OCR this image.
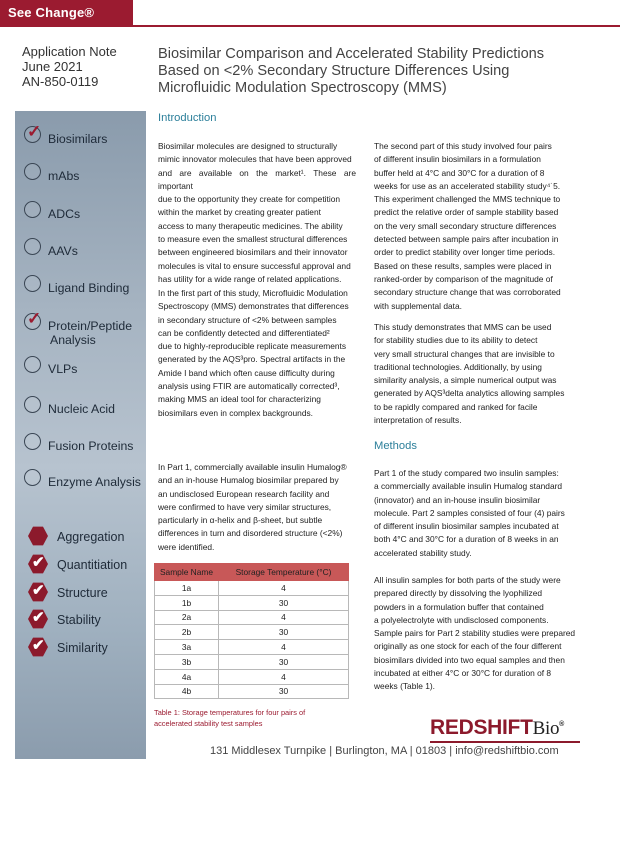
See Change®
Application Note
June 2021
AN-850-0119
Biosimilar Comparison and Accelerated Stability Predictions
Based on <2% Secondary Structure Differences Using
Microfluidic Modulation Spectroscopy (MMS)
✓ Biosimilars
mAbs
ADCs
AAVs
Ligand Binding
✓ Protein/Peptide
Analysis
VLPs
Nucleic Acid
Fusion Proteins
Enzyme Analysis
Aggregation
✔ Quantitiation
✔ Structure
✔ Stability
✔ Similarity
www.redshiftbio.com
Introduction
Biosimilar molecules are designed to structurally
mimic innovator molecules that have been approved
and are available on the market¹. These are important
due to the opportunity they create for competition
within the market by creating greater patient
access to many therapeutic medicines. The ability
to measure even the smallest structural differences
between engineered biosimilars and their innovator
molecules is vital to ensure successful approval and
has utility for a wide range of related applications.
In the first part of this study, Microfluidic Modulation
Spectroscopy (MMS) demonstrates that differences
in secondary structure of <2% between samples
can be confidently detected and differentiated²
due to highly-reproducible replicate measurements
generated by the AQS³pro. Spectral artifacts in the
Amide I band which often cause difficulty during
analysis using FTIR are automatically corrected³,
making MMS an ideal tool for characterizing
biosimilars even in complex backgrounds.
In Part 1, commercially available insulin Humalog®
and an in-house Humalog biosimilar prepared by
an undisclosed European research facility and
were confirmed to have very similar structures,
particularly in α-helix and β-sheet, but subtle
differences in turn and disordered structure (<2%)
were identified.
The second part of this study involved four pairs
of different insulin biosimilars in a formulation
buffer held at 4°C and 30°C for a duration of 8
weeks for use as an accelerated stability study⁴˙5.
This experiment challenged the MMS technique to
predict the relative order of sample stability based
on the very small secondary structure differences
detected between sample pairs after incubation in
order to predict stability over longer time periods.
Based on these results, samples were placed in
ranked-order by comparison of the magnitude of
secondary structure change that was corroborated
with supplemental data.
This study demonstrates that MMS can be used
for stability studies due to its ability to detect
very small structural changes that are invisible to
traditional technologies. Additionally, by using
similarity analysis, a simple numerical output was
generated by AQS³delta analytics allowing samples
to be rapidly compared and ranked for facile
interpretation of results.
Methods
Part 1 of the study compared two insulin samples:
a commercially available insulin Humalog standard
(innovator) and an in-house insulin biosimilar
molecule. Part 2 samples consisted of four (4) pairs
of different insulin biosimilar samples incubated at
both 4°C and 30°C for a duration of 8 weeks in an
accelerated stability study.
All insulin samples for both parts of the study were
prepared directly by dissolving the lyophilized
powders in a formulation buffer that contained
a polyelectrolyte with undisclosed components.
Sample pairs for Part 2 stability studies were prepared
originally as one stock for each of the four different
biosimilars divided into two equal samples and then
incubated at either 4°C or 30°C for duration of 8
weeks (Table 1).
Sample Name	Storage Temperature (°C)
1a	4
1b	30
2a	4
2b	30
3a	4
3b	30
4a	4
4b	30
Table 1: Storage temperatures for four pairs of
accelerated stability test samples	REDSHIFTBio®
131 Middlesex Turnpike | Burlington, MA | 01803 | info@redshiftbio.com
